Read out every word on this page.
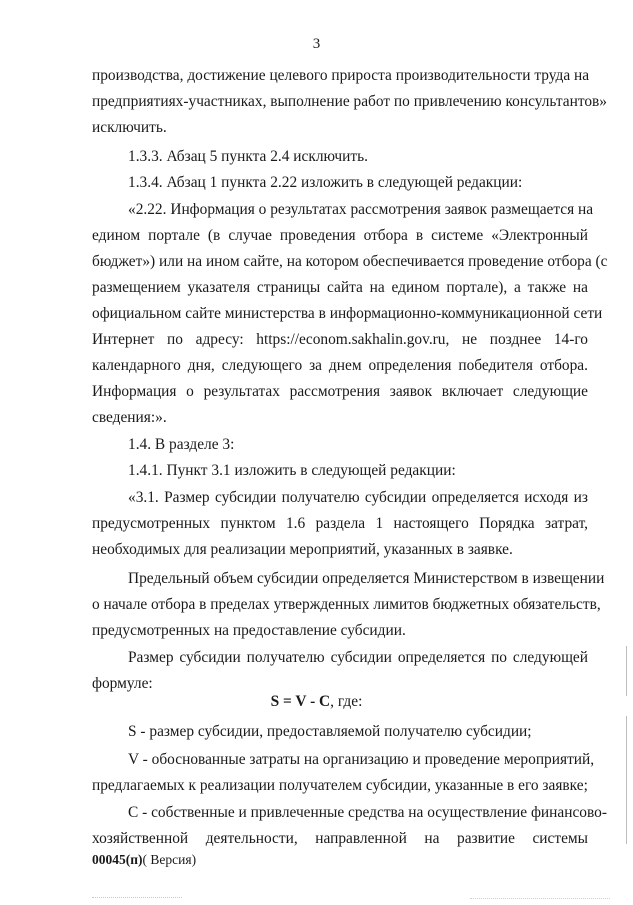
3
производства, достижение целевого прироста производительности труда на
предприятиях-участниках, выполнение работ по привлечению консультантов»
исключить.
1.3.3. Абзац 5 пункта 2.4 исключить.
1.3.4. Абзац 1 пункта 2.22 изложить в следующей редакции:
«2.22. Информация о результатах рассмотрения заявок размещается на
едином портале (в случае проведения отбора в системе «Электронный
бюджет») или на ином сайте, на котором обеспечивается проведение отбора (с
размещением указателя страницы сайта на едином портале), а также на
официальном сайте министерства в информационно-коммуникационной сети
Интернет по адресу: https://econom.sakhalin.gov.ru, не позднее 14-го
календарного дня, следующего за днем определения победителя отбора.
Информация о результатах рассмотрения заявок включает следующие
сведения:».
1.4. В разделе 3:
1.4.1. Пункт 3.1 изложить в следующей редакции:
«3.1. Размер субсидии получателю субсидии определяется исходя из
предусмотренных пунктом 1.6 раздела 1 настоящего Порядка затрат,
необходимых для реализации мероприятий, указанных в заявке.
Предельный объем субсидии определяется Министерством в извещении
о начале отбора в пределах утвержденных лимитов бюджетных обязательств,
предусмотренных на предоставление субсидии.
Размер субсидии получателю субсидии определяется по следующей
формуле:
S = V - C, где:
S - размер субсидии, предоставляемой получателю субсидии;
V - обоснованные затраты на организацию и проведение мероприятий,
предлагаемых к реализации получателем субсидии, указанные в его заявке;
С - собственные и привлеченные средства на осуществление финансово-
хозяйственной деятельности, направленной на развитие системы
00045(п)( Версия)
